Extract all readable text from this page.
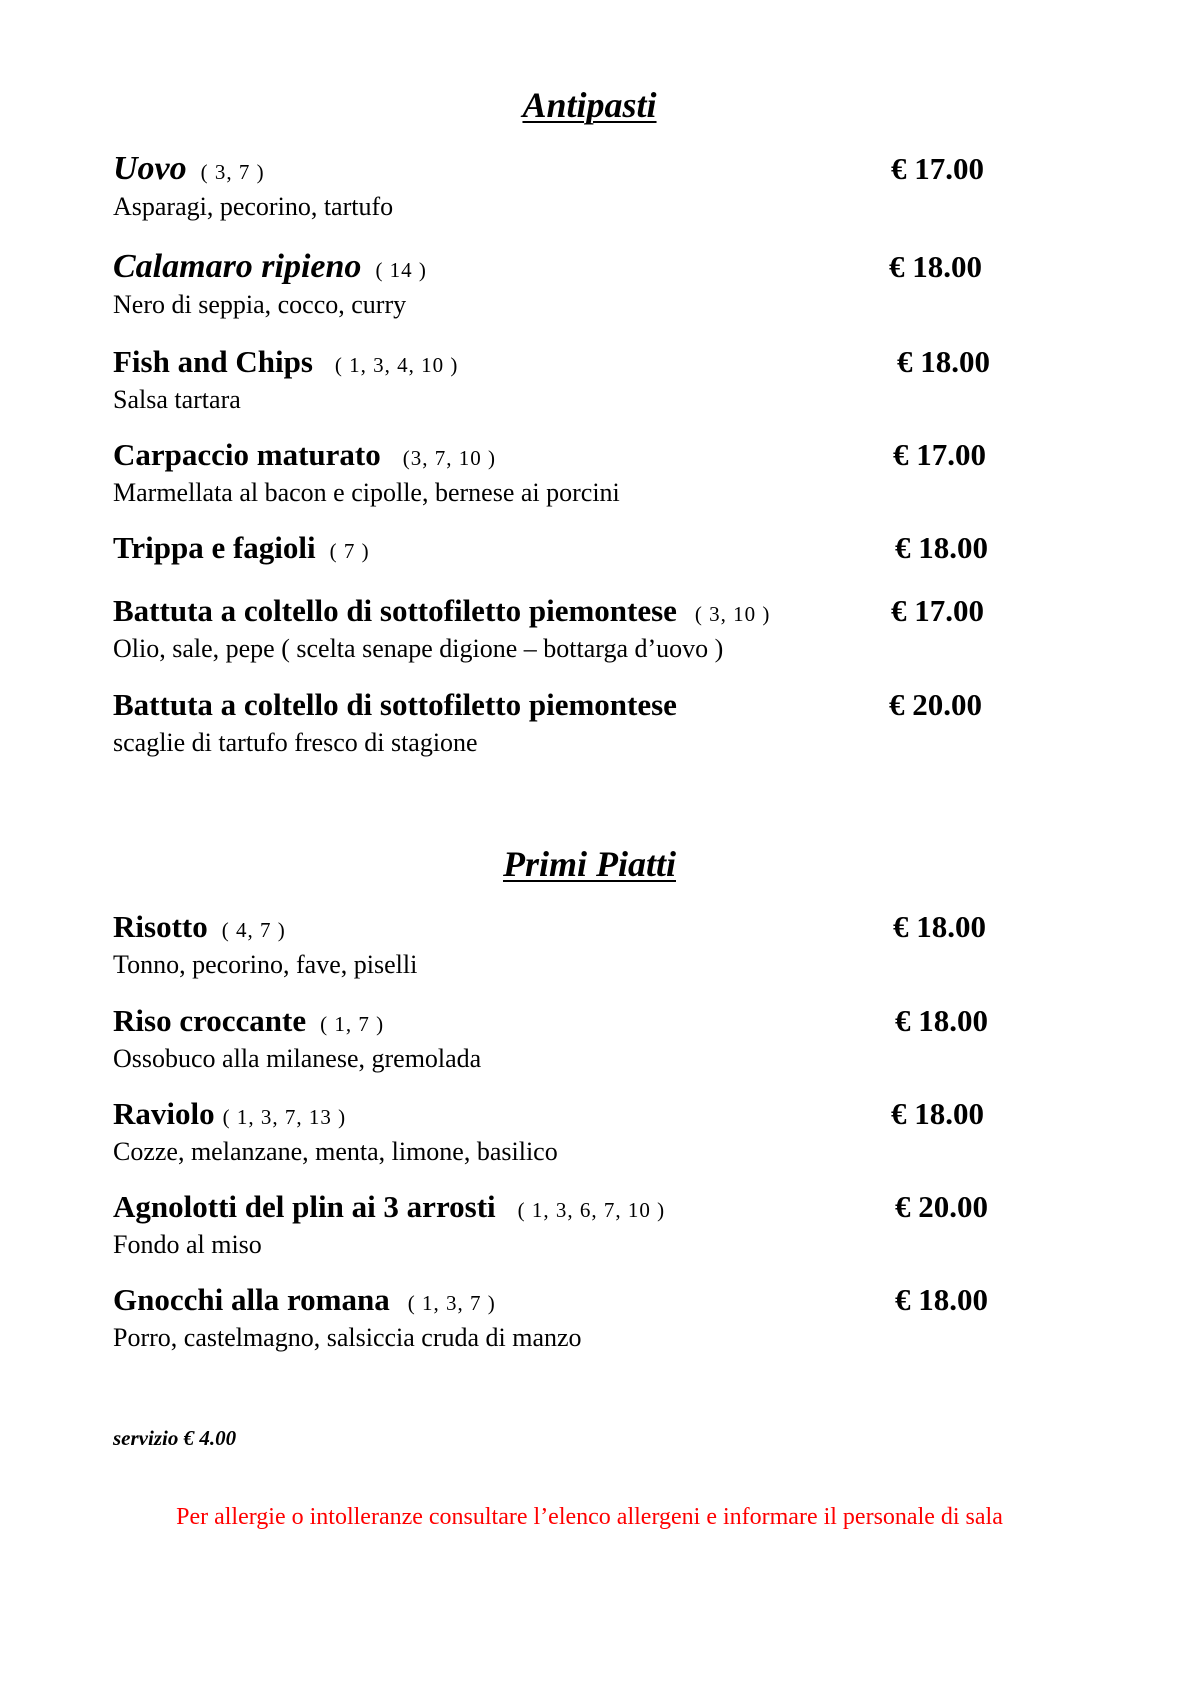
Antipasti
Uovo ( 3, 7 )
Asparagi, pecorino, tartufo
€ 17.00
Calamaro ripieno ( 14 )
Nero di seppia, cocco, curry
€ 18.00
Fish and Chips ( 1, 3, 4, 10 )
Salsa tartara
€ 18.00
Carpaccio maturato (3, 7, 10 )
Marmellata al bacon e cipolle, bernese ai porcini
€ 17.00
Trippa e fagioli ( 7 )	€ 18.00
Battuta a coltello di sottofiletto piemontese ( 3, 10 )
Olio, sale, pepe ( scelta senape digione – bottarga d’uovo )
€ 17.00
Battuta a coltello di sottofiletto piemontese
scaglie di tartufo fresco di stagione
€ 20.00
Primi Piatti
Risotto ( 4, 7 )
Tonno, pecorino, fave, piselli
€ 18.00
Riso croccante ( 1, 7 )
Ossobuco alla milanese, gremolada
€ 18.00
Raviolo ( 1, 3, 7, 13 )
Cozze, melanzane, menta, limone, basilico
€ 18.00
Agnolotti del plin ai 3 arrosti ( 1, 3, 6, 7, 10 )
Fondo al miso
€ 20.00
Gnocchi alla romana ( 1, 3, 7 )
Porro, castelmagno, salsiccia cruda di manzo
€ 18.00
servizio € 4.00
Per allergie o intolleranze consultare l’elenco allergeni e informare il personale di sala
